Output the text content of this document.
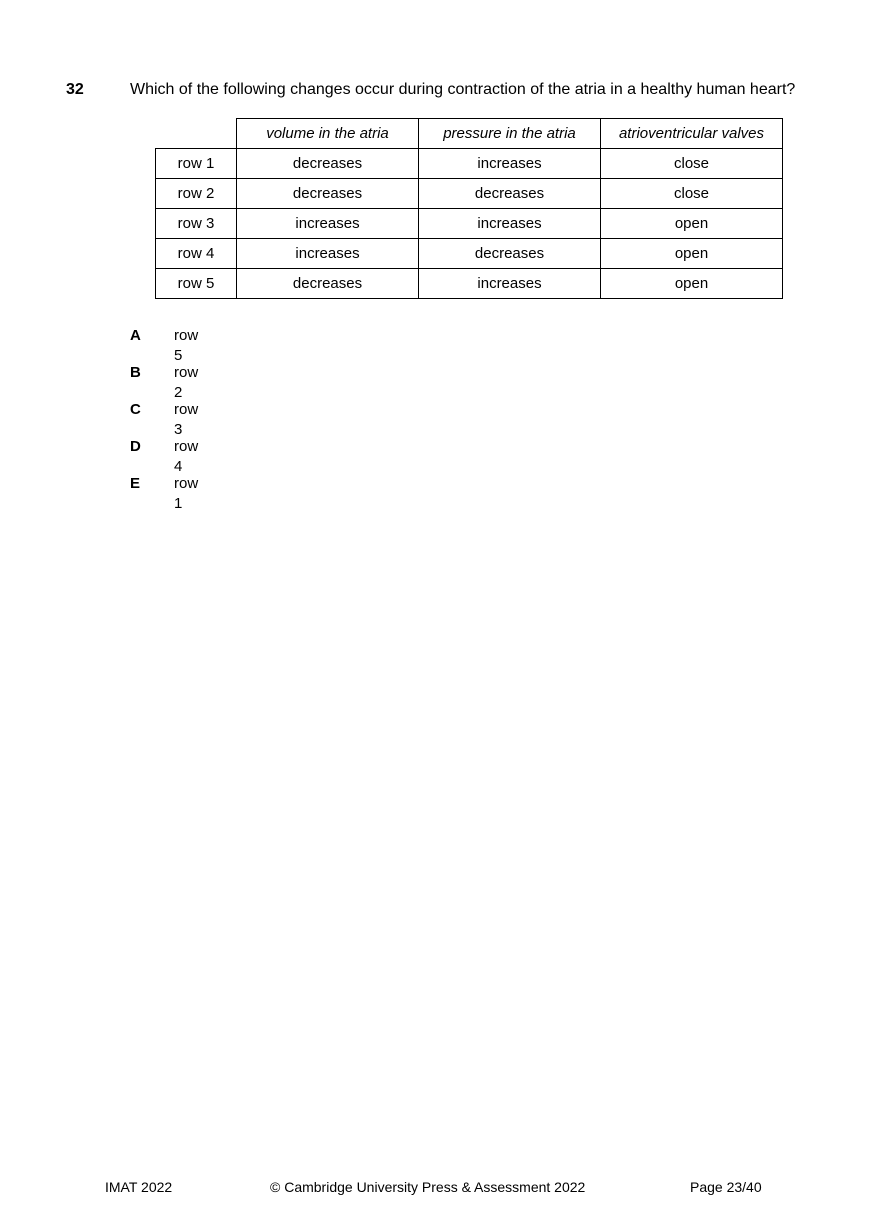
32	Which of the following changes occur during contraction of the atria in a healthy human heart?
	volume in the atria	pressure in the atria	atrioventricular valves
row 1	decreases	increases	close
row 2	decreases	decreases	close
row 3	increases	increases	open
row 4	increases	decreases	open
row 5	decreases	increases	open
A row 5
B row 2
C row 3
D row 4
E row 1
IMAT 2022	© Cambridge University Press & Assessment 2022	Page 23/40
